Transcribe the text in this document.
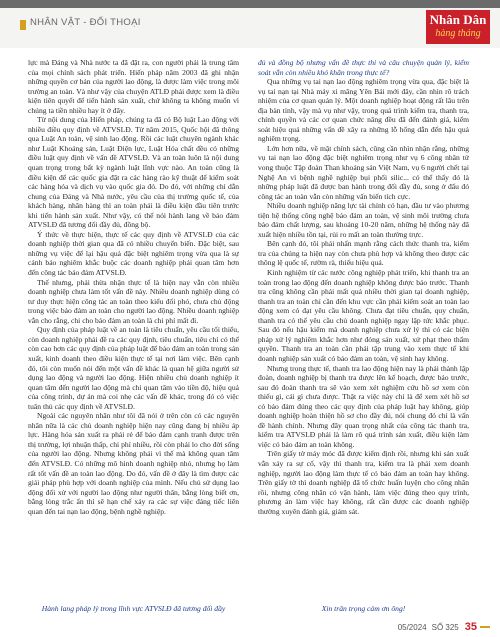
NHÂN VẬT - ĐỐI THOẠI	Nhân Dân
hàng tháng

lực mà Đảng và Nhà nước ta đã đặt ra, con người phải là trung tâm của mọi chính sách phát triển. Hiến pháp năm 2003 đã ghi nhận những quyền cơ bản của người lao động, là được làm việc trong môi trường an toàn. Và như vậy của chuyện ATLĐ phải được xem là điều kiện tiên quyết để tiến hành sản xuất, chứ không ta không muốn vì chúng ta tiền nhiều hay ít ở đây.

Từ nội dung của Hiến pháp, chúng ta đã có Bộ luật Lao động với nhiều điều quy định về ATVSLĐ. Từ năm 2015, Quốc hội đã thông qua Luật An toàn, vệ sinh lao động. Rồi các luật chuyên ngành khác như Luật Khoáng sản, Luật Điện lực, Luật Hóa chất đều có những điều luật quy định về vấn đề ATVSLĐ. Và an toàn luôn là nội dung quan trọng trong bất kỳ ngành luật lĩnh vực nào. An toàn cũng là điều kiện để các quốc gia đặt ra các hàng rào kỹ thuật để kiểm soát các hàng hóa và dịch vụ vào quốc gia đó. Do đó, với những chỉ dẫn chung của Đảng và Nhà nước, yêu cầu của thị trường quốc tế, của khách hàng, nhân hàng thì an toàn phải là điều kiện đầu tiên trước khi tiến hành sản xuất. Như vậy, có thể nói hành lang về bảo đảm ATVSLĐ đã tương đối đầy đủ, đồng bộ.

Ý thức về thực hiện, thực tế các quy định về ATVSLĐ của các doanh nghiệp thời gian qua đã có nhiều chuyển biến. Đặc biệt, sau những vụ việc để lại hậu quả đặc biệt nghiêm trọng vừa qua là sự cảnh báo nghiêm khắc buộc các doanh nghiệp phải quan tâm hơn đến công tác bảo đảm ATVSLĐ.

Thế nhưng, phải thừa nhận thực tế là hiện nay vẫn còn nhiều doanh nghiệp chưa làm tốt vấn đề này. Nhiều doanh nghiệp dùng có tư duy thực hiện công tác an toàn theo kiểu đối phó, chưa chủ động trong việc bảo đảm an toàn cho người lao động. Nhiều doanh nghiệp vẫn cho rằng, chi cho bảo đảm an toàn là chi phí mất đi.

Quy định của pháp luật về an toàn là tiêu chuẩn, yêu cầu tối thiểu, còn doanh nghiệp phải đề ra các quy định, tiêu chuẩn, tiêu chí có thể còn cao hơn các quy định của pháp luật để bảo đảm an toàn trong sản xuất, kinh doanh theo điều kiện thực tế tại nơi làm việc. Bên cạnh đó, tôi còn muốn nói đến một vấn đề khác là quan hệ giữa người sử dụng lao động và người lao động. Hiện nhiều chủ doanh nghiệp ít quan tâm đến người lao động mà chỉ quan tâm vào tiền độ, hiệu quả của công trình, dự án mà coi nhẹ các vấn đề khác, trong đó có việc tuân thủ các quy định về ATVSLĐ.

Ngoài các nguyên nhân như tôi đã nói ở trên còn có các nguyên nhân nữa là các chủ doanh nghiệp hiện nay cũng đang bị nhiều áp lực. Hàng hóa sản xuất ra phải rẻ để bảo đảm cạnh tranh được trên thị trường, lợi nhuận thấp, chi phí nhiều, rồi còn phải lo cho đời sống của người lao động. Nhưng không phải vì thế mà không quan tâm đến ATVSLĐ. Có những mô hình doanh nghiệp nhỏ, nhưng họ làm rất tốt vấn đề an toàn lao động. Do đó, vấn đề ở đây là tìm được các giải pháp phù hợp với doanh nghiệp của mình. Nếu chủ sử dụng lao động đối xử với người lao động như người thân, bằng lòng biết ơn, bằng lòng trắc ẩn thì sẽ hạn chế xảy ra các sự việc đáng tiếc liên quan đến tai nạn lao động, bệnh nghề nghiệp.

Hành lang pháp lý trong lĩnh vực ATVSLĐ đã tương đối đầy

đủ và đồng bộ nhưng vấn đề thực thi và câu chuyện quản lý, kiểm soát vẫn còn nhiều khó khăn trong thực tế?

Qua những vụ tai nạn lao động nghiêm trọng vừa qua, đặc biệt là vụ tai nạn tại Nhà máy xi măng Yên Bái mới đây, cần nhìn rõ trách nhiệm của cơ quan quản lý. Một doanh nghiệp hoạt động rất lâu trên địa bàn tỉnh, vậy mà vụ như vậy, trong quá trình kiểm tra, thanh tra, chính quyền và các cơ quan chức năng đều đã đến đánh giá, kiểm soát hiệu quả những vấn đề xây ra những lỗ hổng dẫn đến hậu quả nghiêm trọng.

Lớn hơn nữa, về mặt chính sách, cũng cần nhìn nhận rằng, những vụ tai nạn lao động đặc biệt nghiêm trọng như vụ 6 công nhân tử vong thuộc Tập đoàn Than khoáng sản Việt Nam, vụ 6 người chết tại Nghệ An vì bệnh nghề nghiệp bụi phổi silic... có thể thấy đó là những pháp luật đã được ban hành trong đối đầy đủ, song ở đấu đó công tác an toàn vẫn còn những vấn biến tích cực.

Nhiều doanh nghiệp năng lực tài chính có hạn, đầu tư vào phương tiện hệ thống công nghệ bảo đảm an toàn, vệ sinh môi trường chưa bảo đảm chất lượng, sau khoảng 10-20 năm, những hệ thống này đã xuất hiện nhiều tồn tại, rủi ro mất an toàn thường trực.

Bên cạnh đó, tôi phải nhấn mạnh rằng cách thức thanh tra, kiểm tra của chúng ta hiện nay còn chưa phù hợp và không theo được các thông lệ quốc tế, rườm rà, thiếu hiệu quả.

Kinh nghiệm từ các nước công nghiệp phát triển, khi thanh tra an toàn trong lao động đến doanh nghiệp không được báo trước. Thanh tra cũng không cần phải mất quá nhiều thời gian tại doanh nghiệp, thanh tra an toàn chỉ cần đến khu vực cần phải kiểm soát an toàn lao động xem có đạt yêu cầu không. Chưa đạt tiêu chuẩn, quy chuẩn, thanh tra có thể yêu cầu chủ doanh nghiệp ngay lập tức khắc phục. Sau đó nếu hậu kiểm mà doanh nghiệp chưa xử lý thì có các biện pháp xử lý nghiêm khắc hơn như đóng sản xuất, xử phạt theo thẩm quyền. Thanh tra an toàn cần phải tập trung vào xem thực tế khi doanh nghiệp sản xuất có bảo đảm an toàn, vệ sinh hay không.

Nhưng trong thực tế, thanh tra lao động hiện nay là phải thành lập đoàn, doanh nghiệp bị thanh tra được lên kế hoạch, được báo trước, sau đó đoàn thanh tra sẽ vào xem xét nghiệm cứu hồ sơ xem còn thiếu gì, cái gì chưa được. Thật ra việc này chỉ là để xem xét hồ sơ có bảo đảm đúng theo các quy định của pháp luật hay không, giúp doanh nghiệp hoàn thiện hồ sơ cho đầy đủ, nói chung đó chỉ là vấn đề hành chính. Nhưng đây quan trọng nhất của công tác thanh tra, kiểm tra ATVSLĐ phải là làm rõ quá trình sản xuất, điều kiện làm việc có bảo đảm an toàn không.

Trên giấy tờ máy móc đã được kiểm định rồi, nhưng khi sản xuất vẫn xảy ra sự cố, vậy thì thanh tra, kiểm tra là phải xem doanh nghiệp, người lao động làm thực tế có bảo đảm an toàn hay không. Trên giấy tờ thì doanh nghiệp đã tổ chức huấn luyện cho công nhân rồi, nhưng công nhân có vận hành, làm việc đúng theo quy trình, phương án làm việc hay không, rất cần được các doanh nghiệp thường xuyên đánh giá, giám sát.

Xin trân trọng cảm ơn ông!
05/2024 SỐ 325 35
